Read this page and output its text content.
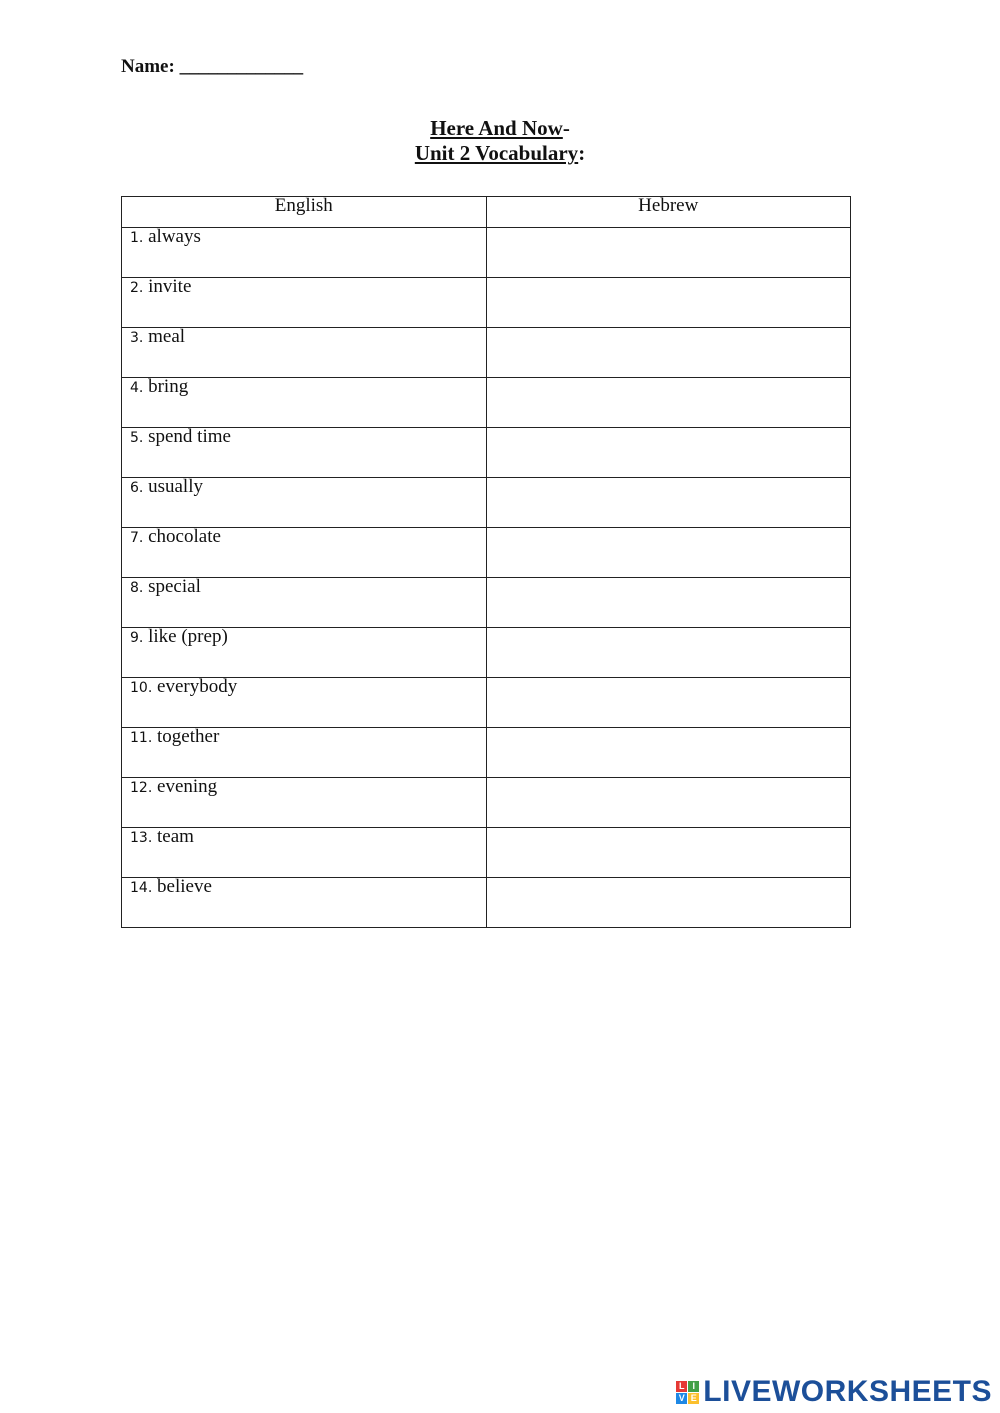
Name: _____________
Here And Now-
Unit 2 Vocabulary:
English	Hebrew
1. always	
2. invite	
3. meal	
4. bring	
5. spend time	
6. usually	
7. chocolate	
8. special	
9. like (prep)	
10. everybody	
11. together	
12. evening	
13. team	
14. believe	
L I
V E LIVEWORKSHEETS
